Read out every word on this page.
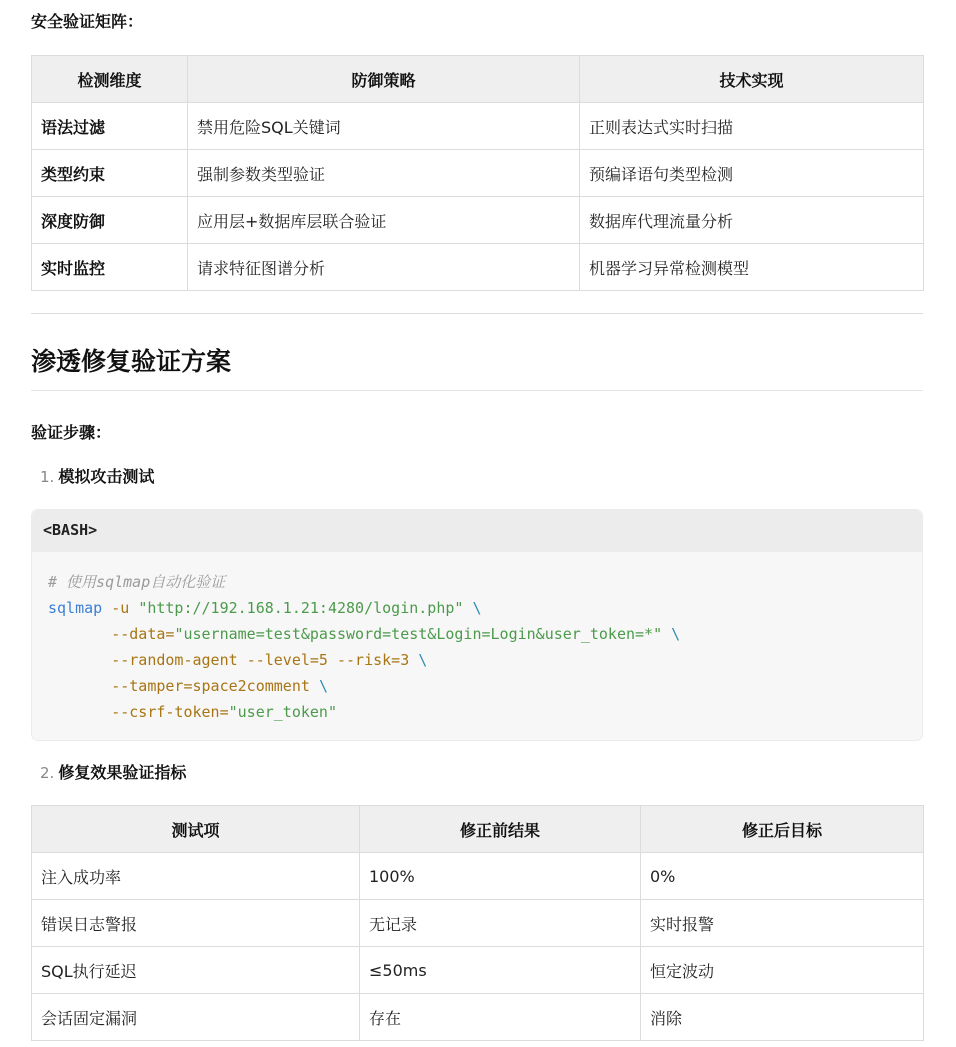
安全验证矩阵：
检测维度	防御策略	技术实现
语法过滤	禁用危险SQL关键词	正则表达式实时扫描
类型约束	强制参数类型验证	预编译语句类型检测
深度防御	应用层+数据库层联合验证	数据库代理流量分析
实时监控	请求特征图谱分析	机器学习异常检测模型
渗透修复验证方案
验证步骤：
1. 模拟攻击测试
<BASH>
# 使用sqlmap自动化验证
sqlmap -u "http://192.168.1.21:4280/login.php" \
--data="username=test&password=test&Login=Login&user_token=*" \
--random-agent --level=5 --risk=3 \
--tamper=space2comment \
--csrf-token="user_token"
2. 修复效果验证指标
测试项	修正前结果	修正后目标
注入成功率	100%	0%
错误日志警报	无记录	实时报警
SQL执行延迟	≤50ms	恒定波动
会话固定漏洞	存在	消除
